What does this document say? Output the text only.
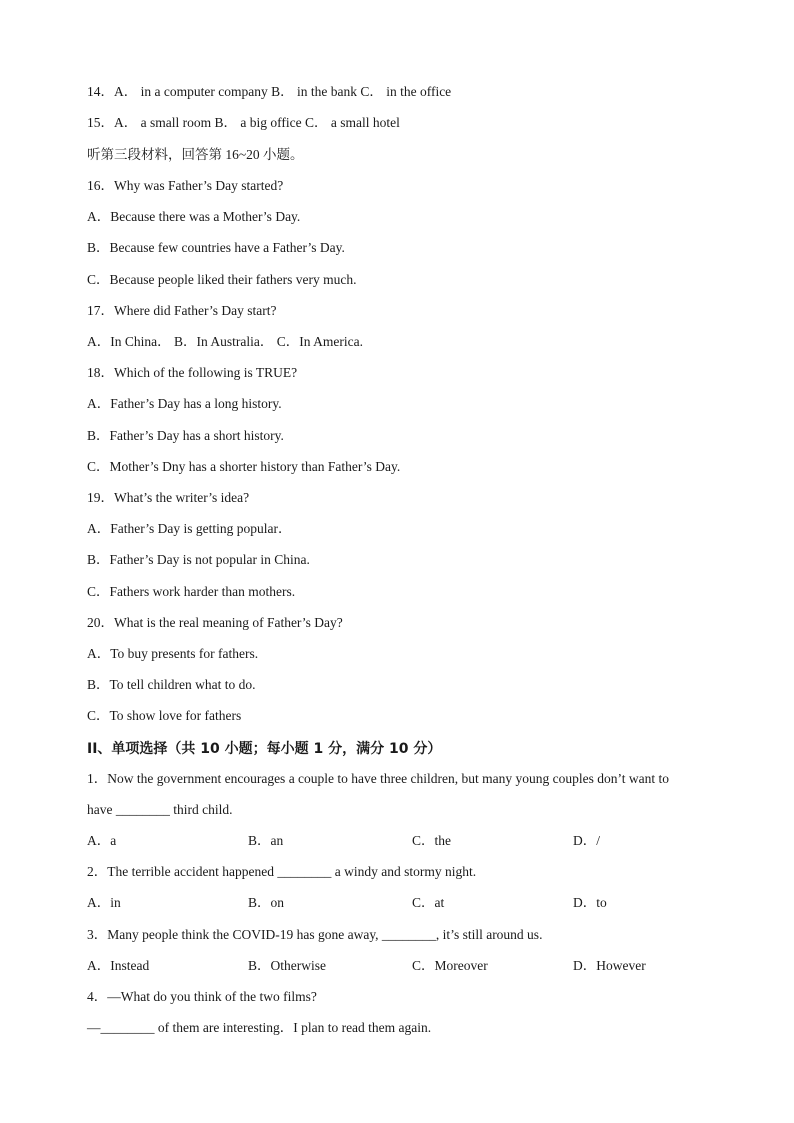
14．A． in a computer company B． in the bank C． in the office
15．A． a small room B． a big office C． a small hotel
听第三段材料，回答第 16~20 小题。
16．Why was Father’s Day started?
A．Because there was a Mother’s Day.
B．Because few countries have a Father’s Day.
C．Because people liked their fathers very much.
17．Where did Father’s Day start?
A．In China． B．In Australia． C．In America.
18．Which of the following is TRUE?
A．Father’s Day has a long history.
B．Father’s Day has a short history.
C．Mother’s Dny has a shorter history than Father’s Day.
19．What’s the writer’s idea?
A．Father’s Day is getting popular．
B．Father’s Day is not popular in China.
C．Fathers work harder than mothers.
20．What is the real meaning of Father’s Day?
A．To buy presents for fathers.
B．To tell children what to do.
C．To show love for fathers
II、单项选择（共 10 小题；每小题 1 分，满分 10 分）
1．Now the government encourages a couple to have three children, but many young couples don’t want to
have ________ third child.
A．a	B．an	C．the	D．/
2．The terrible accident happened ________ a windy and stormy night.
A．in	B．on	C．at	D．to
3．Many people think the COVID-19 has gone away, ________, it’s still around us.
A．Instead	B．Otherwise	C．Moreover	D．However
4．—What do you think of the two films?
—________ of them are interesting．I plan to read them again.
